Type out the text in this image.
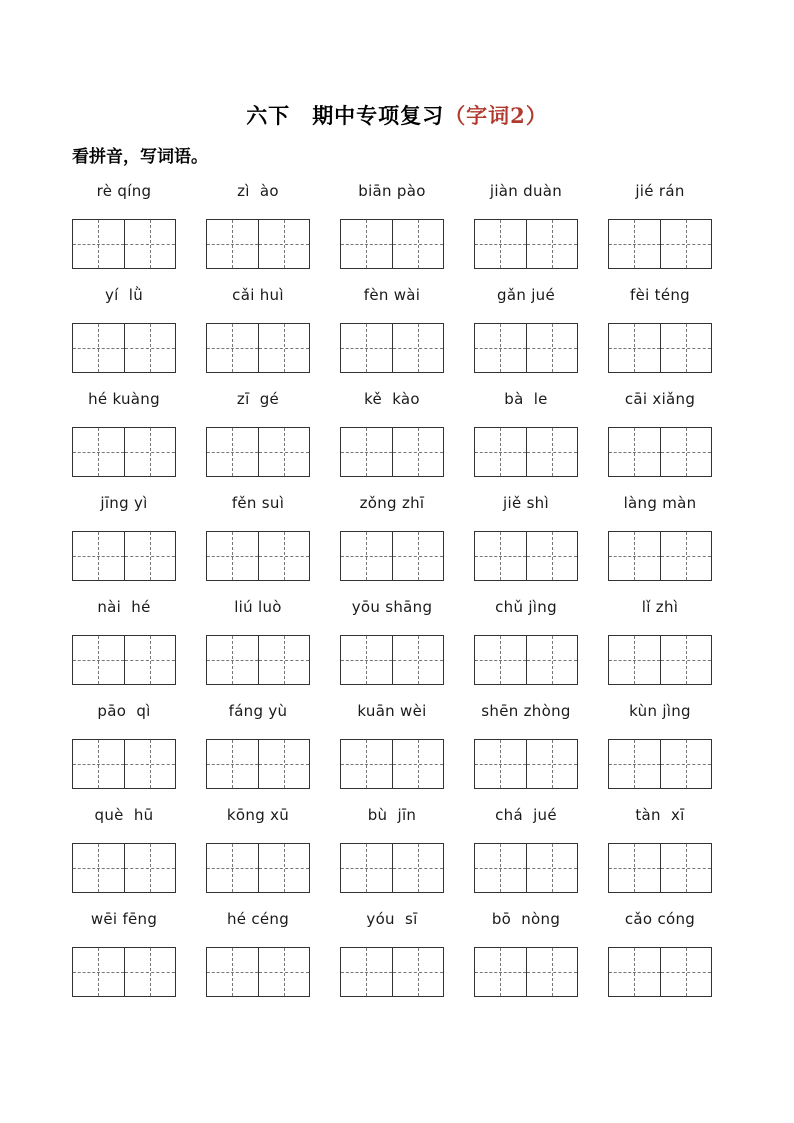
六下 期中专项复习（字词2）
看拼音，写词语。
rè qíng	zì  ào	biān pào	jiàn duàn	jié rán
yí  lǜ	cǎi huì	fèn wài	gǎn jué	fèi téng
hé kuàng	zī  gé	kě  kào	bà  le	cāi xiǎng
jīng yì	fěn suì	zǒng zhī	jiě shì	làng màn
nài  hé	liú luò	yōu shāng	chǔ jìng	lǐ zhì
pāo  qì	fáng yù	kuān wèi	shēn zhòng	kùn jìng
què  hū	kōng xū	bù  jīn	chá  jué	tàn  xī
wēi fēng	hé céng	yóu  sī	bō  nòng	cǎo cóng
